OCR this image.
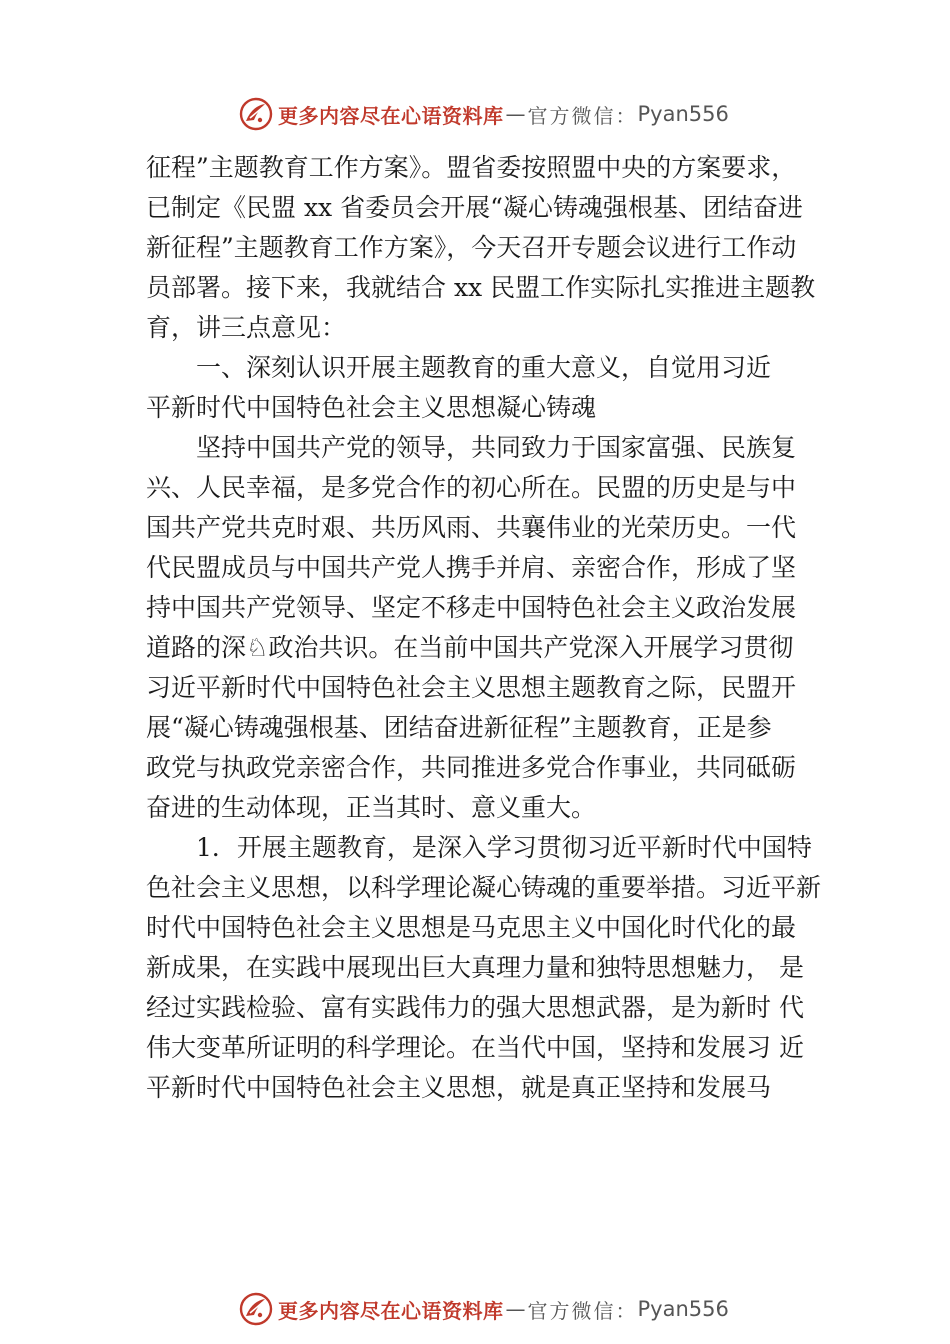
更多内容尽在心语资料库 — 官方微信： Pyan556
征程”主题教育工作方案》。盟省委按照盟中央的方案要求，
已制定《民盟 xx 省委员会开展“凝心铸魂强根基、团结奋进
新征程”主题教育工作方案》，今天召开专题会议进行工作动
员部署。接下来，我就结合 xx 民盟工作实际扎实推进主题教
育，讲三点意见：
一、深刻认识开展主题教育的重大意义，自觉用习近
平新时代中国特色社会主义思想凝心铸魂
坚持中国共产党的领导，共同致力于国家富强、民族复
兴、人民幸福，是多党合作的初心所在。民盟的历史是与中
国共产党共克时艰、共历风雨、共襄伟业的光荣历史。一代
代民盟成员与中国共产党人携手并肩、亲密合作，形成了坚
持中国共产党领导、坚定不移走中国特色社会主义政治发展
道路的深♘政治共识。在当前中国共产党深入开展学习贯彻
习近平新时代中国特色社会主义思想主题教育之际，民盟开
展“凝心铸魂强根基、团结奋进新征程”主题教育，正是参
政党与执政党亲密合作，共同推进多党合作事业，共同砥砺
奋进的生动体现，正当其时、意义重大。
1．开展主题教育，是深入学习贯彻习近平新时代中国特
色社会主义思想，以科学理论凝心铸魂的重要举措。习近平新
时代中国特色社会主义思想是马克思主义中国化时代化的最
新成果，在实践中展现出巨大真理力量和独特思想魅力， 是
经过实践检验、富有实践伟力的强大思想武器，是为新时 代
伟大变革所证明的科学理论。在当代中国，坚持和发展习 近
平新时代中国特色社会主义思想，就是真正坚持和发展马
更多内容尽在心语资料库 — 官方微信： Pyan556
